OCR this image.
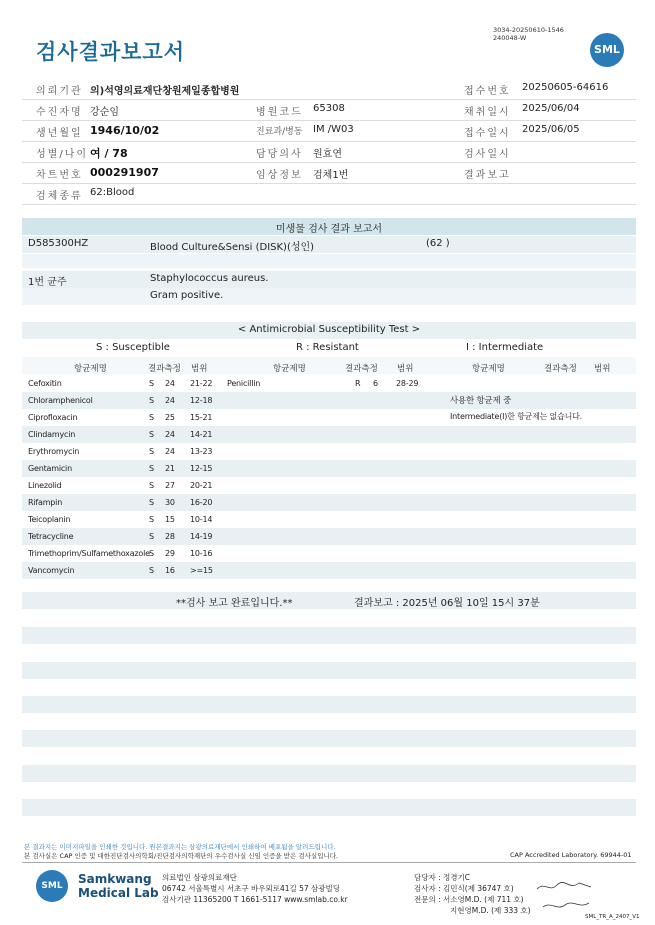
검사결과보고서
3034-20250610-1546
240048-W
SML
의뢰기관 의)석영의료재단창원제일종합병원	접수번호 20250605-64616
수진자명 강순임	병원코드 65308	채취일시 2025/06/04
생년월일 1946/10/02	진료과/병동 IM /W03	접수일시 2025/06/05
성별/나이 여 / 78	담당의사 원효연	검사일시
차트번호 000291907	임상정보 검체1번	결과보고
검체종류 62:Blood
미생물 검사 결과 보고서
D585300HZ	Blood Culture&Sensi (DISK)(성인)	(62 )
1번 균주	Staphylococcus aureus.
Gram positive.
< Antimicrobial Susceptibility Test >
S : Susceptible	R : Resistant	I : Intermediate
항균제명	결과측정 범위	항균제명	결과측정 범위	항균제명	결과측정 범위
Cefoxitin	S 24 21-22 Penicillin	R 6 28-29
Chloramphenicol	S 24 12-18
Ciprofloxacin	S 25 15-21
Clindamycin	S 24 14-21
Erythromycin	S 24 13-23
Gentamicin	S 21 12-15
Linezolid	S 27 20-21
Rifampin	S 30 16-20
Teicoplanin	S 15 10-14
Tetracycline	S 28 14-19
Trimethoprim/Sulfamethoxazole S 29 10-16
Vancomycin	S 16 >=15
사용한 항균제 중
Intermediate(I)한 항균제는 없습니다.
**검사 보고 완료입니다.**	결과보고 : 2025년 06월 10일 15시 37분
본 결과지는 이미지파일을 인쇄한 것입니다. 원본결과지는 삼광의료재단에서 인쇄하여 배포됨을 알려드립니다.
본 검사실은 CAP 인증 및 대한진단검사의학회/진단검사의학재단의 우수검사실 신임 인증을 받은 검사실입니다.	CAP Accredited Laboratory. 69944-01
SML	Samkwang
Medical Lab
의료법인 삼광의료재단
06742 서울특별시 서초구 바우뫼로41길 57 삼광빌딩
검사기관 11365200 T 1661-5117 www.smlab.co.kr
담당자 : 정경기C
검사자 : 김민식(제 36747 호)
전문의 : 서소영M.D. (제 711 호)
지현영M.D. (제 333 호)
SML_TR_A_2407_V1
